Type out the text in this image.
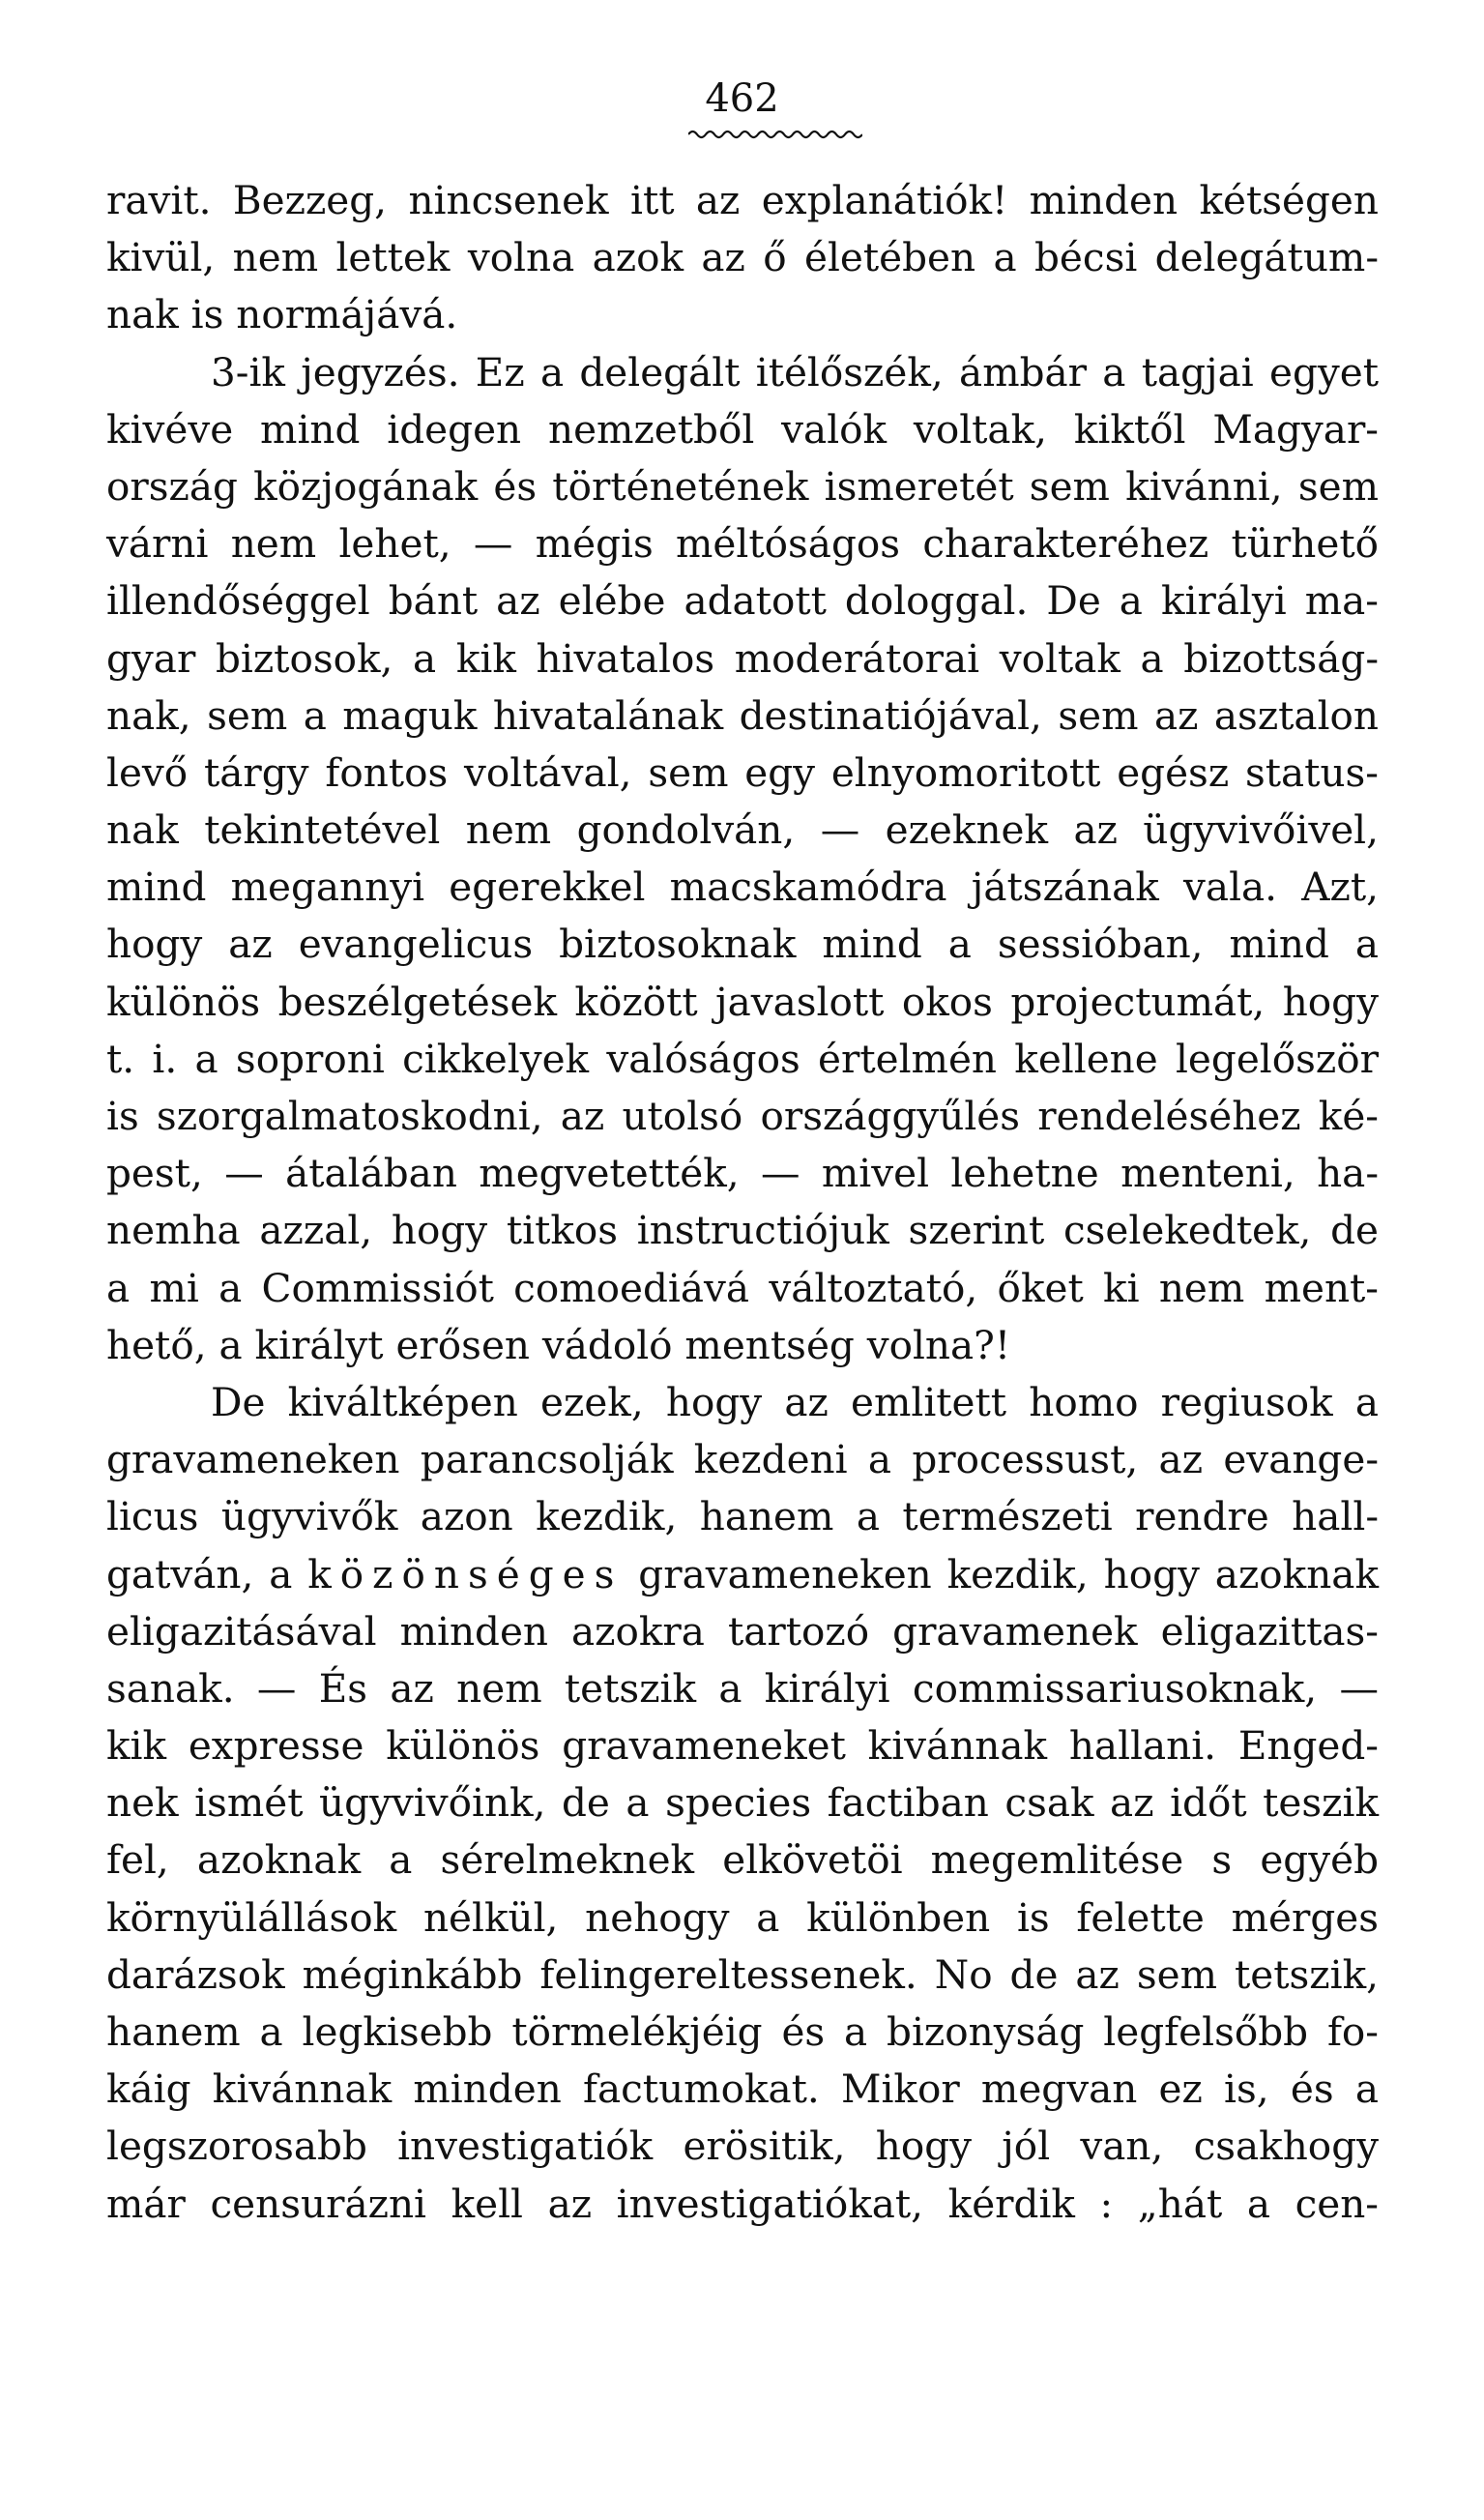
462
ravit. Bezzeg, nincsenek itt az explanátiók! minden kétségen
kivül, nem lettek volna azok az ő életében a bécsi delegátum-
nak is normájává.
3-ik jegyzés. Ez a delegált itélőszék, ámbár a tagjai egyet
kivéve mind idegen nemzetből valók voltak, kiktől Magyar-
ország közjogának és történetének ismeretét sem kivánni, sem
várni nem lehet, — mégis méltóságos charakteréhez türhető
illendőséggel bánt az elébe adatott dologgal. De a királyi ma-
gyar biztosok, a kik hivatalos moderátorai voltak a bizottság-
nak, sem a maguk hivatalának destinatiójával, sem az asztalon
levő tárgy fontos voltával, sem egy elnyomoritott egész status-
nak tekintetével nem gondolván, — ezeknek az ügyvivőivel,
mind megannyi egerekkel macskamódra játszának vala. Azt,
hogy az evangelicus biztosoknak mind a sessióban, mind a
különös beszélgetések között javaslott okos projectumát, hogy
t. i. a soproni cikkelyek valóságos értelmén kellene legelőször
is szorgalmatoskodni, az utolsó országgyűlés rendeléséhez ké-
pest, — átalában megvetették, — mivel lehetne menteni, ha-
nemha azzal, hogy titkos instructiójuk szerint cselekedtek, de
a mi a Commissiót comoediává változtató, őket ki nem ment-
hető, a királyt erősen vádoló mentség volna?!
De kiváltképen ezek, hogy az emlitett homo regiusok a
gravameneken parancsolják kezdeni a processust, az evange-
licus ügyvivők azon kezdik, hanem a természeti rendre hall-
gatván, a közönséges gravameneken kezdik, hogy azoknak
eligazitásával minden azokra tartozó gravamenek eligazittas-
sanak. — És az nem tetszik a királyi commissariusoknak, —
kik expresse különös gravameneket kivánnak hallani. Enged-
nek ismét ügyvivőink, de a species factiban csak az időt teszik
fel, azoknak a sérelmeknek elkövetöi megemlitése s egyéb
környülállások nélkül, nehogy a különben is felette mérges
darázsok méginkább felingereltessenek. No de az sem tetszik,
hanem a legkisebb törmelékjéig és a bizonyság legfelsőbb fo-
káig kivánnak minden factumokat. Mikor megvan ez is, és a
legszorosabb investigatiók erösitik, hogy jól van, csakhogy
már censurázni kell az investigatiókat, kérdik : „hát a cen-
